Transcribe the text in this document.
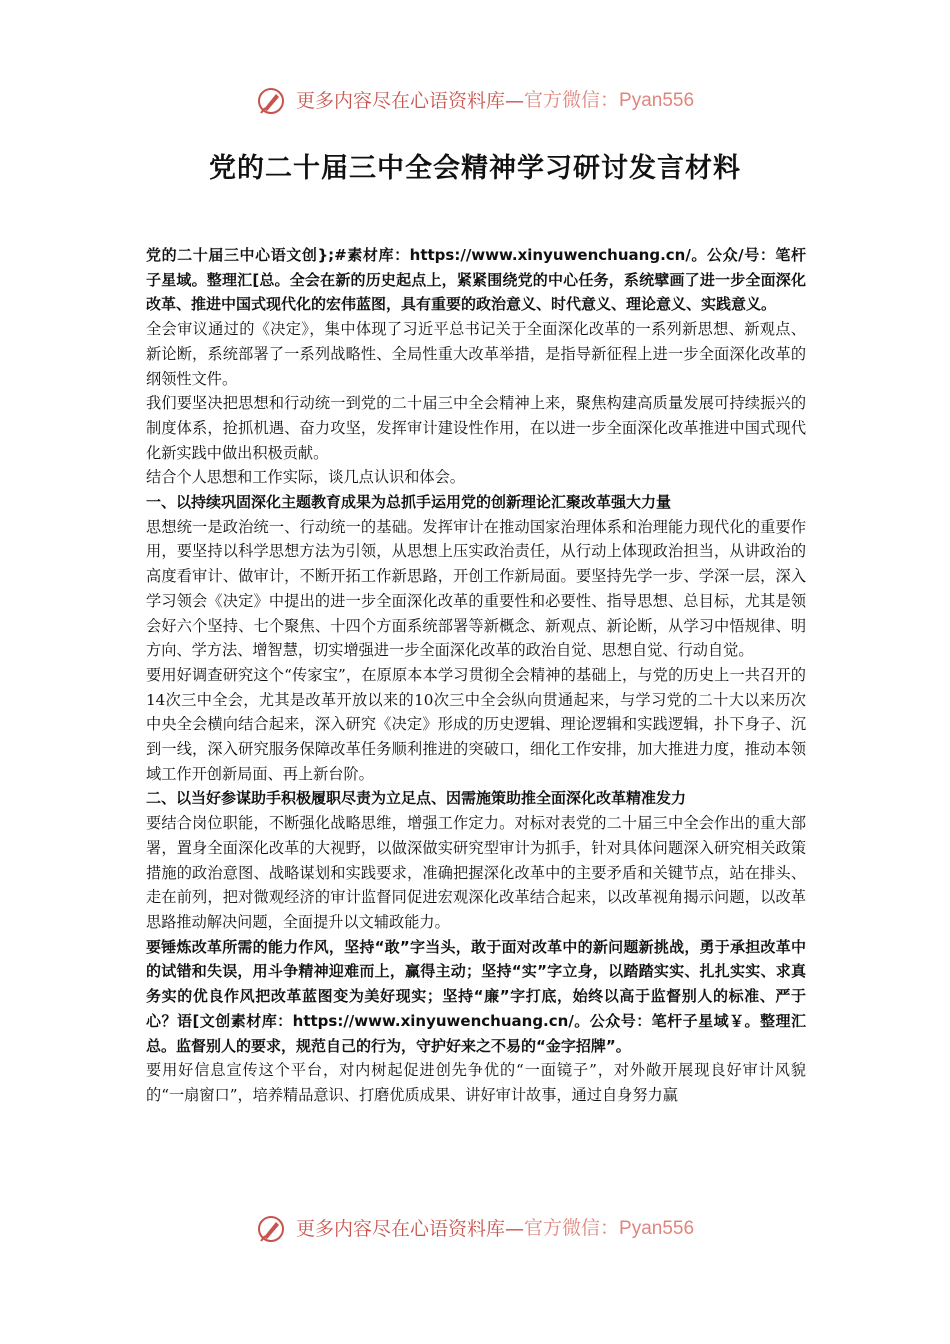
更多内容尽在心语资料库—官方微信：Pyan556
党的二十届三中全会精神学习研讨发言材料

党的二十届三中心语文创};#素材库：https://www.xinyuwenchuang.cn/。公众/号：笔杆子星域。整理汇[总。全会在新的历史起点上，紧紧围绕党的中心任务，系统擘画了进一步全面深化改革、推进中国式现代化的宏伟蓝图，具有重要的政治意义、时代意义、理论意义、实践意义。

全会审议通过的《决定》，集中体现了习近平总书记关于全面深化改革的一系列新思想、新观点、新论断，系统部署了一系列战略性、全局性重大改革举措，是指导新征程上进一步全面深化改革的纲领性文件。

我们要坚决把思想和行动统一到党的二十届三中全会精神上来，聚焦构建高质量发展可持续振兴的制度体系，抢抓机遇、奋力攻坚，发挥审计建设性作用，在以进一步全面深化改革推进中国式现代化新实践中做出积极贡献。

结合个人思想和工作实际，谈几点认识和体会。

一、以持续巩固深化主题教育成果为总抓手运用党的创新理论汇聚改革强大力量

思想统一是政治统一、行动统一的基础。发挥审计在推动国家治理体系和治理能力现代化的重要作用，要坚持以科学思想方法为引领，从思想上压实政治责任，从行动上体现政治担当，从讲政治的高度看审计、做审计，不断开拓工作新思路，开创工作新局面。要坚持先学一步、学深一层，深入学习领会《决定》中提出的进一步全面深化改革的重要性和必要性、指导思想、总目标，尤其是领会好六个坚持、七个聚焦、十四个方面系统部署等新概念、新观点、新论断，从学习中悟规律、明方向、学方法、增智慧，切实增强进一步全面深化改革的政治自觉、思想自觉、行动自觉。

要用好调查研究这个“传家宝”，在原原本本学习贯彻全会精神的基础上，与党的历史上一共召开的14次三中全会，尤其是改革开放以来的10次三中全会纵向贯通起来，与学习党的二十大以来历次中央全会横向结合起来，深入研究《决定》形成的历史逻辑、理论逻辑和实践逻辑，扑下身子、沉到一线，深入研究服务保障改革任务顺利推进的突破口，细化工作安排，加大推进力度，推动本领域工作开创新局面、再上新台阶。

二、以当好参谋助手积极履职尽责为立足点、因需施策助推全面深化改革精准发力

要结合岗位职能，不断强化战略思维，增强工作定力。对标对表党的二十届三中全会作出的重大部署，置身全面深化改革的大视野，以做深做实研究型审计为抓手，针对具体问题深入研究相关政策措施的政治意图、战略谋划和实践要求，准确把握深化改革中的主要矛盾和关键节点，站在排头、走在前列，把对微观经济的审计监督同促进宏观深化改革结合起来，以改革视角揭示问题，以改革思路推动解决问题，全面提升以文辅政能力。

要锤炼改革所需的能力作风，坚持“敢”字当头，敢于面对改革中的新问题新挑战，勇于承担改革中的试错和失误，用斗争精神迎难而上，赢得主动；坚持“实”字立身，以踏踏实实、扎扎实实、求真务实的优良作风把改革蓝图变为美好现实；坚持“廉”字打底，始终以高于监督别人的标准、严于心？语[文创素材库：https://www.xinyuwenchuang.cn/。公众号：笔杆子星域￥。整理汇总。监督别人的要求，规范自己的行为，守护好来之不易的“金字招牌”。

要用好信息宣传这个平台，对内树起促进创先争优的“一面镜子”，对外敞开展现良好审计风貌的“一扇窗口”，培养精品意识、打磨优质成果、讲好审计故事，通过自身努力赢

更多内容尽在心语资料库—官方微信：Pyan556
